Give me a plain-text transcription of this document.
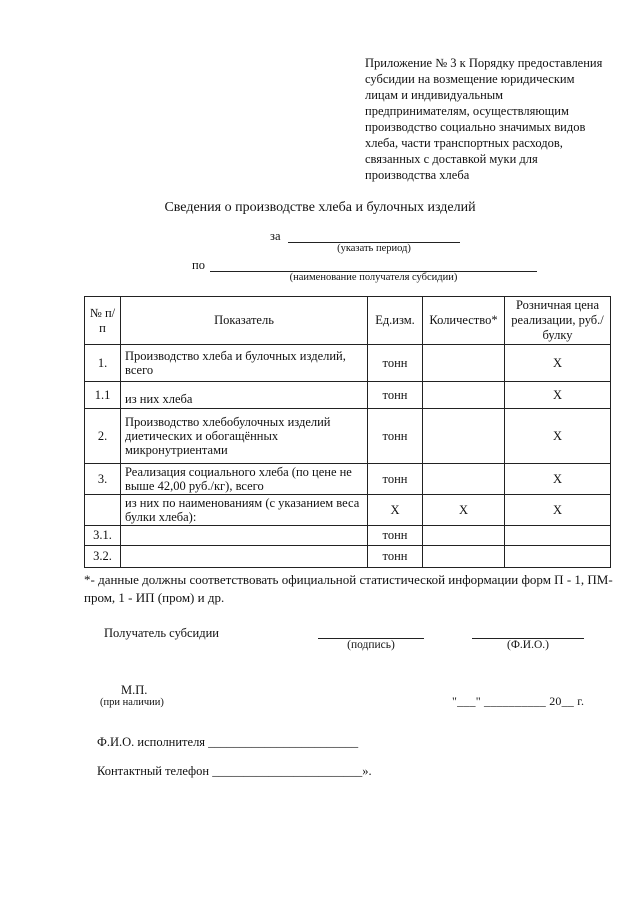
Приложение № 3 к Порядку предоставления
субсидии на возмещение юридическим
лицам и индивидуальным
предпринимателям, осуществляющим
производство социально значимых видов
хлеба, части транспортных расходов,
связанных с доставкой муки для
производства хлеба
Сведения о производстве хлеба и булочных изделий
за
(указать период)
по
(наименование получателя субсидии)
№ п/п	Показатель	Ед.изм.	Количество*	Розничная цена реализации, руб./булку
1.	Производство хлеба и булочных изделий, всего	тонн		Х
1.1	из них хлеба	тонн		Х
2.	Производство хлебобулочных изделий диетических и обогащённых микронутриентами	тонн		Х
3.	Реализация социального хлеба (по цене не выше 42,00 руб./кг), всего	тонн		Х
	из них по наименованиям (с указанием веса булки хлеба):	Х	Х	Х
3.1.		тонн		
3.2.		тонн		
*- данные должны соответствовать официальной статистической информации форм П - 1, ПМ-пром, 1 - ИП (пром) и др.
Получатель субсидии
(подпись)	(Ф.И.О.)
М.П.
(при наличии)	"___" __________ 20__ г.
Ф.И.О. исполнителя ________________________
Контактный телефон ________________________».
